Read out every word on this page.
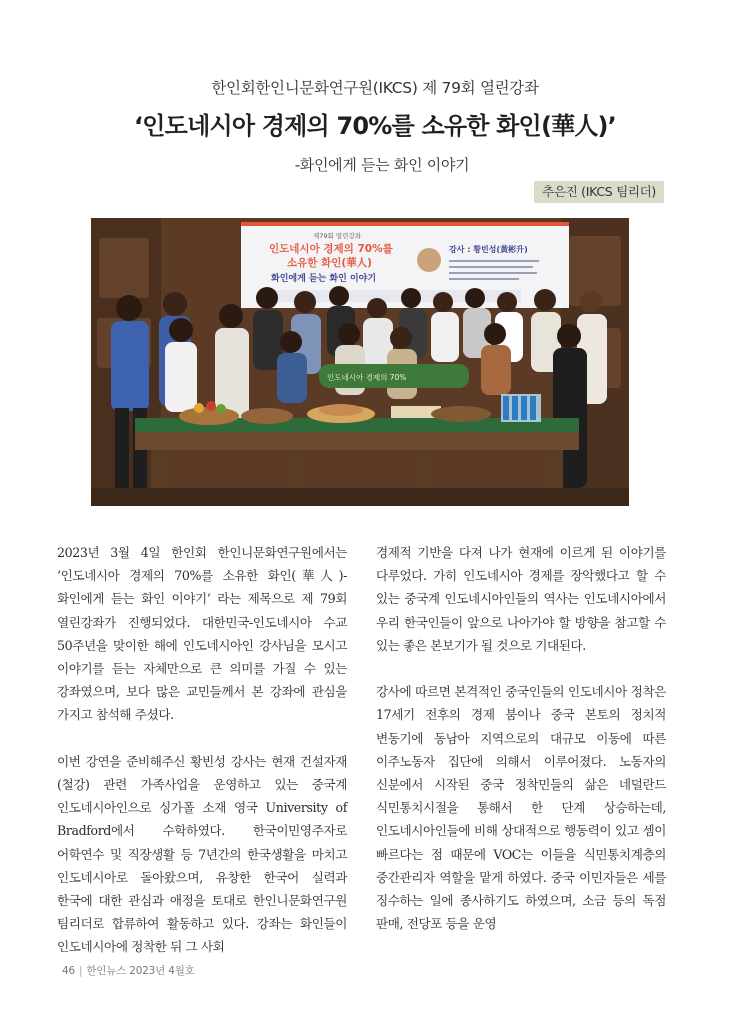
한인회한인니문화연구원(IKCS) 제 79회 열린강좌
‘인도네시아 경제의 70%를 소유한 화인(華人)’
-화인에게 듣는 화인 이야기
추은진 (IKCS 팀리더)
제79회 열린강좌
인도네시아 경제의 70%를
소유한 화인(華人)
화인에게 듣는 화인 이야기
강사 : 황빈성(黃彬升)
인도네시아 경제의 70%

2023년 3월 4일 한인회 한인니문화연구원에서는 ‘인도네시아 경제의 70%를 소유한 화인(華人)-화인에게 듣는 화인 이야기’ 라는 제목으로 제 79회 열린강좌가 진행되었다. 대한민국-인도네시아 수교 50주년을 맞이한 해에 인도네시아인 강사님을 모시고 이야기를 듣는 자체만으로 큰 의미를 가질 수 있는 강좌였으며, 보다 많은 교민들께서 본 강좌에 관심을 가지고 참석해 주셨다.

이번 강연을 준비해주신 황빈성 강사는 현재 건설자재(철강) 관련 가족사업을 운영하고 있는 중국계 인도네시아인으로 싱가폴 소재 영국 University of Bradford에서 수학하였다. 한국이민영주자로 어학연수 및 직장생활 등 7년간의 한국생활을 마치고 인도네시아로 돌아왔으며, 유창한 한국어 실력과 한국에 대한 관심과 애정을 토대로 한인니문화연구원 팀리더로 합류하여 활동하고 있다. 강좌는 화인들이 인도네시아에 정착한 뒤 그 사회

경제적 기반을 다져 나가 현재에 이르게 된 이야기를 다루었다. 가히 인도네시아 경제를 장악했다고 할 수 있는 중국계 인도네시아인들의 역사는 인도네시아에서 우리 한국인들이 앞으로 나아가야 할 방향을 참고할 수 있는 좋은 본보기가 될 것으로 기대된다.

강사에 따르면 본격적인 중국인들의 인도네시아 정착은 17세기 전후의 경제 붐이나 중국 본토의 정치적 변동기에 동남아 지역으로의 대규모 이동에 따른 이주노동자 집단에 의해서 이루어졌다. 노동자의 신분에서 시작된 중국 정착민들의 삶은 네덜란드 식민통치시절을 통해서 한 단계 상승하는데, 인도네시아인들에 비해 상대적으로 행동력이 있고 셈이 빠르다는 점 때문에 VOC는 이들을 식민통치계층의 중간관리자 역할을 맡게 하였다. 중국 이민자들은 세를 징수하는 일에 종사하기도 하였으며, 소금 등의 독점 판매, 전당포 등을 운영

46 | 한인뉴스 2023년 4월호
